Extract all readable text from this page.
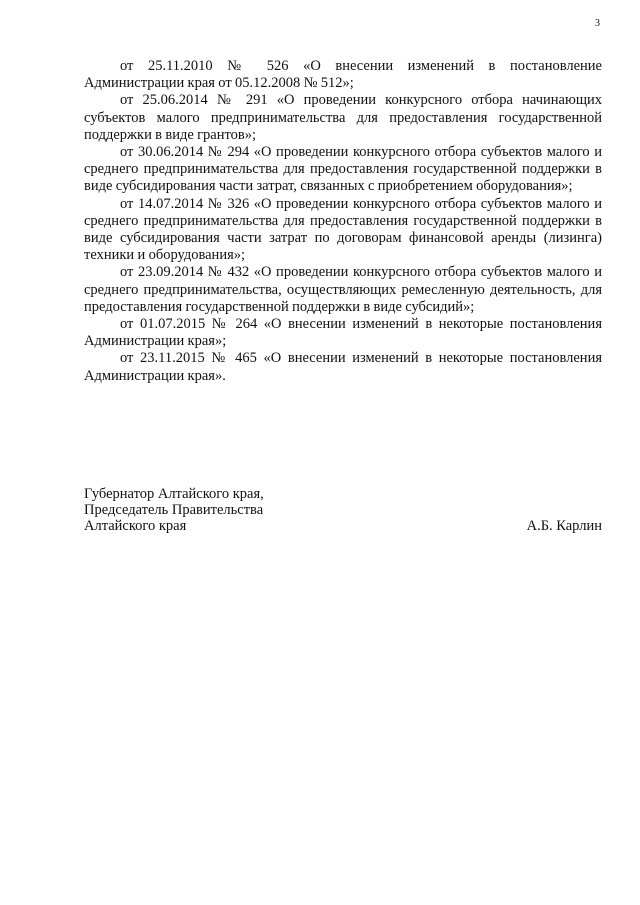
3

от 25.11.2010 № 526 «О внесении изменений в постановление Администрации края от 05.12.2008 № 512»;

от 25.06.2014 № 291 «О проведении конкурсного отбора начинающих субъектов малого предпринимательства для предоставления государственной поддержки в виде грантов»;

от 30.06.2014 № 294 «О проведении конкурсного отбора субъектов малого и среднего предпринимательства для предоставления государственной поддержки в виде субсидирования части затрат, связанных с приобретением оборудования»;

от 14.07.2014 № 326 «О проведении конкурсного отбора субъектов малого и среднего предпринимательства для предоставления государственной поддержки в виде субсидирования части затрат по договорам финансовой аренды (лизинга) техники и оборудования»;

от 23.09.2014 № 432 «О проведении конкурсного отбора субъектов малого и среднего предпринимательства, осуществляющих ремесленную деятельность, для предоставления государственной поддержки в виде субсидий»;

от 01.07.2015 № 264 «О внесении изменений в некоторые постановления Администрации края»;

от 23.11.2015 № 465 «О внесении изменений в некоторые постановления Администрации края».

Губернатор Алтайского края,
Председатель Правительства
Алтайского края	А.Б. Карлин
